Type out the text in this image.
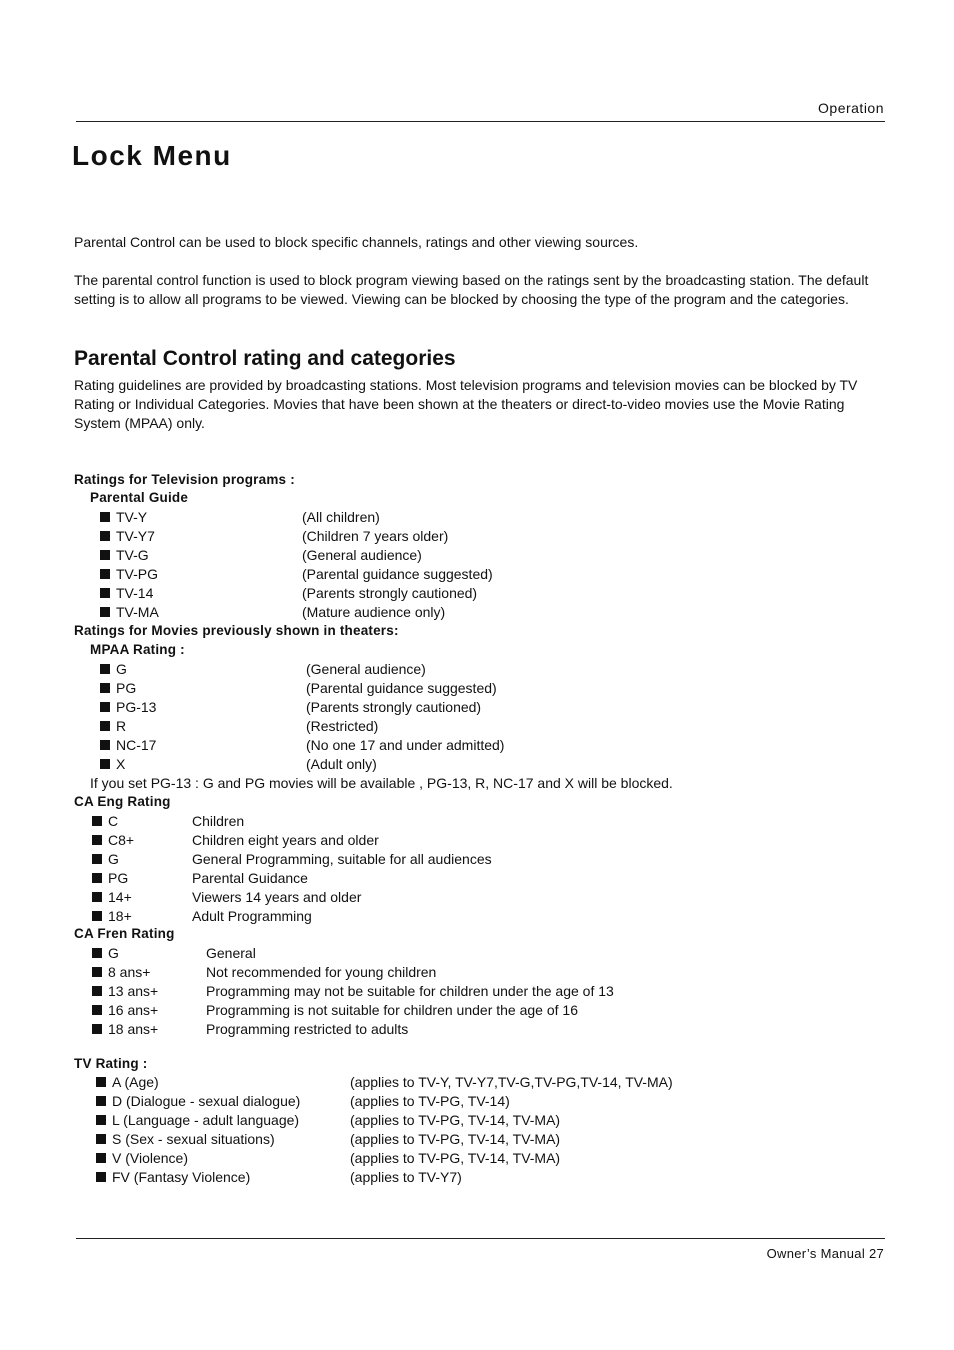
Operation
Lock Menu
Parental Control can be used to block specific channels, ratings and other viewing sources.
The parental control function is used to block program viewing based on the ratings sent by the broadcasting station. The default setting is to allow all programs to be viewed. Viewing can be blocked by choosing the type of the program and the categories.
Parental Control rating and categories
Rating guidelines are provided by broadcasting stations. Most television programs and television movies can be blocked by TV Rating or Individual Categories. Movies that have been shown at the theaters or direct-to-video movies use the Movie Rating System (MPAA) only.
Ratings for Television programs :
Parental Guide
TV-Y	(All children)
TV-Y7	(Children 7 years older)
TV-G	(General audience)
TV-PG	(Parental guidance suggested)
TV-14	(Parents strongly cautioned)
TV-MA	(Mature audience only)
Ratings for Movies previously shown in theaters:
MPAA Rating :
G	(General audience)
PG	(Parental guidance suggested)
PG-13	(Parents strongly cautioned)
R	(Restricted)
NC-17	(No one 17 and under admitted)
X	(Adult only)
If you set PG-13 : G and PG movies will be available , PG-13, R, NC-17 and X will be blocked.
CA Eng Rating
C	Children
C8+	Children eight years and older
G	General Programming, suitable for all audiences
PG	Parental Guidance
14+	Viewers 14 years and older
18+	Adult Programming
CA Fren Rating
G	General
8 ans+	Not recommended for young children
13 ans+	Programming may not be suitable for children under the age of 13
16 ans+	Programming is not suitable for children under the age of 16
18 ans+	Programming restricted to adults
TV Rating :
A (Age)	(applies to TV-Y, TV-Y7,TV-G,TV-PG,TV-14, TV-MA)
D (Dialogue - sexual dialogue)	(applies to TV-PG, TV-14)
L (Language - adult language)	(applies to TV-PG, TV-14, TV-MA)
S (Sex - sexual situations)	(applies to TV-PG, TV-14, TV-MA)
V (Violence)	(applies to TV-PG, TV-14, TV-MA)
FV (Fantasy Violence)	(applies to TV-Y7)
Owner’s Manual 27
